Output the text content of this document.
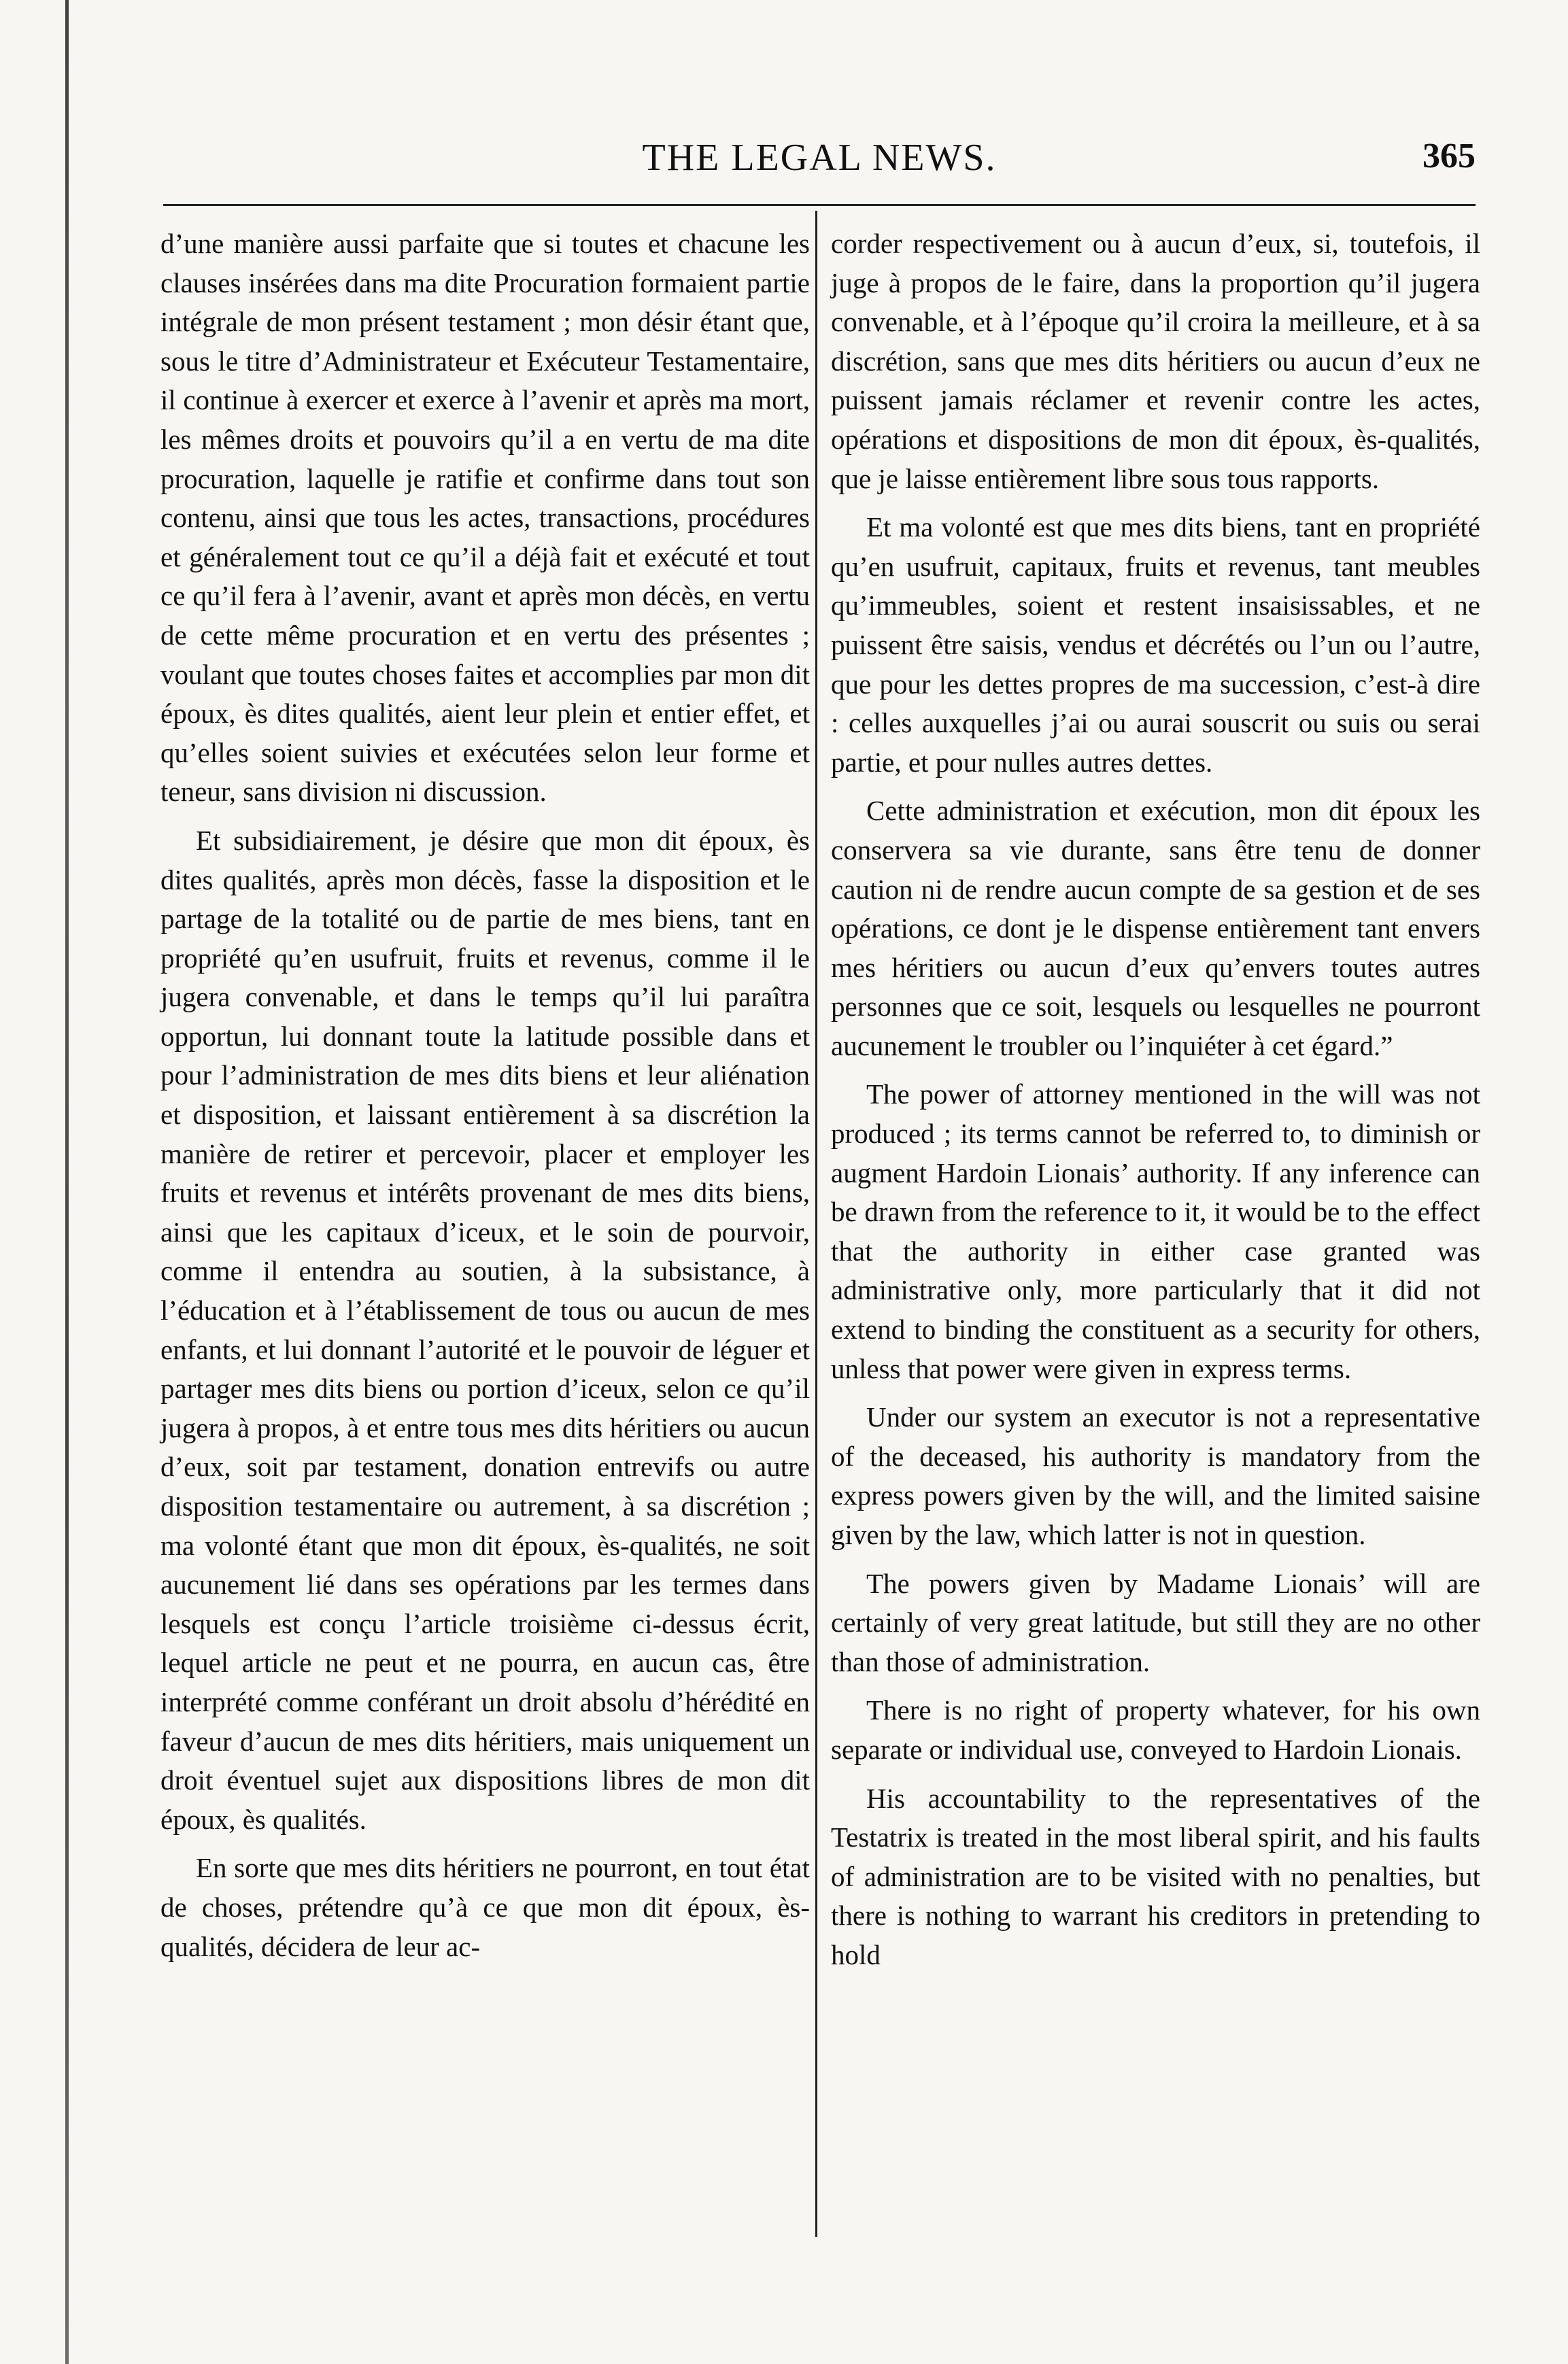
THE LEGAL NEWS.	365

d’une manière aussi parfaite que si toutes et chacune les clauses insérées dans ma dite Procuration formaient partie intégrale de mon présent testament ; mon désir étant que, sous le titre d’Administrateur et Exécuteur Testamentaire, il continue à exercer et exerce à l’avenir et après ma mort, les mêmes droits et pouvoirs qu’il a en vertu de ma dite procuration, laquelle je ratifie et confirme dans tout son contenu, ainsi que tous les actes, transactions, procédures et généralement tout ce qu’il a déjà fait et exécuté et tout ce qu’il fera à l’avenir, avant et après mon décès, en vertu de cette même procuration et en vertu des présentes ; voulant que toutes choses faites et accomplies par mon dit époux, ès dites qualités, aient leur plein et entier effet, et qu’elles soient suivies et exécutées selon leur forme et teneur, sans division ni discussion.

Et subsidiairement, je désire que mon dit époux, ès dites qualités, après mon décès, fasse la disposition et le partage de la totalité ou de partie de mes biens, tant en propriété qu’en usufruit, fruits et revenus, comme il le jugera convenable, et dans le temps qu’il lui paraîtra opportun, lui donnant toute la latitude possible dans et pour l’administration de mes dits biens et leur aliénation et disposition, et laissant entièrement à sa discrétion la manière de retirer et percevoir, placer et employer les fruits et revenus et intérêts provenant de mes dits biens, ainsi que les capitaux d’iceux, et le soin de pourvoir, comme il entendra au soutien, à la subsistance, à l’éducation et à l’établissement de tous ou aucun de mes enfants, et lui donnant l’autorité et le pouvoir de léguer et partager mes dits biens ou portion d’iceux, selon ce qu’il jugera à propos, à et entre tous mes dits héritiers ou aucun d’eux, soit par testament, donation entrevifs ou autre disposition testamentaire ou autrement, à sa discrétion ; ma volonté étant que mon dit époux, ès-qualités, ne soit aucunement lié dans ses opérations par les termes dans lesquels est conçu l’article troisième ci-dessus écrit, lequel article ne peut et ne pourra, en aucun cas, être interprété comme conférant un droit absolu d’hérédité en faveur d’aucun de mes dits héritiers, mais uniquement un droit éventuel sujet aux dispositions libres de mon dit époux, ès qualités.

En sorte que mes dits héritiers ne pourront, en tout état de choses, prétendre qu’à ce que mon dit époux, ès-qualités, décidera de leur ac-

corder respectivement ou à aucun d’eux, si, toutefois, il juge à propos de le faire, dans la proportion qu’il jugera convenable, et à l’époque qu’il croira la meilleure, et à sa discrétion, sans que mes dits héritiers ou aucun d’eux ne puissent jamais réclamer et revenir contre les actes, opérations et dispositions de mon dit époux, ès-qualités, que je laisse entièrement libre sous tous rapports.

Et ma volonté est que mes dits biens, tant en propriété qu’en usufruit, capitaux, fruits et revenus, tant meubles qu’immeubles, soient et restent insaisissables, et ne puissent être saisis, vendus et décrétés ou l’un ou l’autre, que pour les dettes propres de ma succession, c’est-à dire : celles auxquelles j’ai ou aurai souscrit ou suis ou serai partie, et pour nulles autres dettes.

Cette administration et exécution, mon dit époux les conservera sa vie durante, sans être tenu de donner caution ni de rendre aucun compte de sa gestion et de ses opérations, ce dont je le dispense entièrement tant envers mes héritiers ou aucun d’eux qu’envers toutes autres personnes que ce soit, lesquels ou lesquelles ne pourront aucunement le troubler ou l’inquiéter à cet égard.”

The power of attorney mentioned in the will was not produced ; its terms cannot be referred to, to diminish or augment Hardoin Lionais’ authority. If any inference can be drawn from the reference to it, it would be to the effect that the authority in either case granted was administrative only, more particularly that it did not extend to binding the constituent as a security for others, unless that power were given in express terms.

Under our system an executor is not a representative of the deceased, his authority is mandatory from the express powers given by the will, and the limited saisine given by the law, which latter is not in question.

The powers given by Madame Lionais’ will are certainly of very great latitude, but still they are no other than those of administration.

There is no right of property whatever, for his own separate or individual use, conveyed to Hardoin Lionais.

His accountability to the representatives of the Testatrix is treated in the most liberal spirit, and his faults of administration are to be visited with no penalties, but there is nothing to warrant his creditors in pretending to hold
